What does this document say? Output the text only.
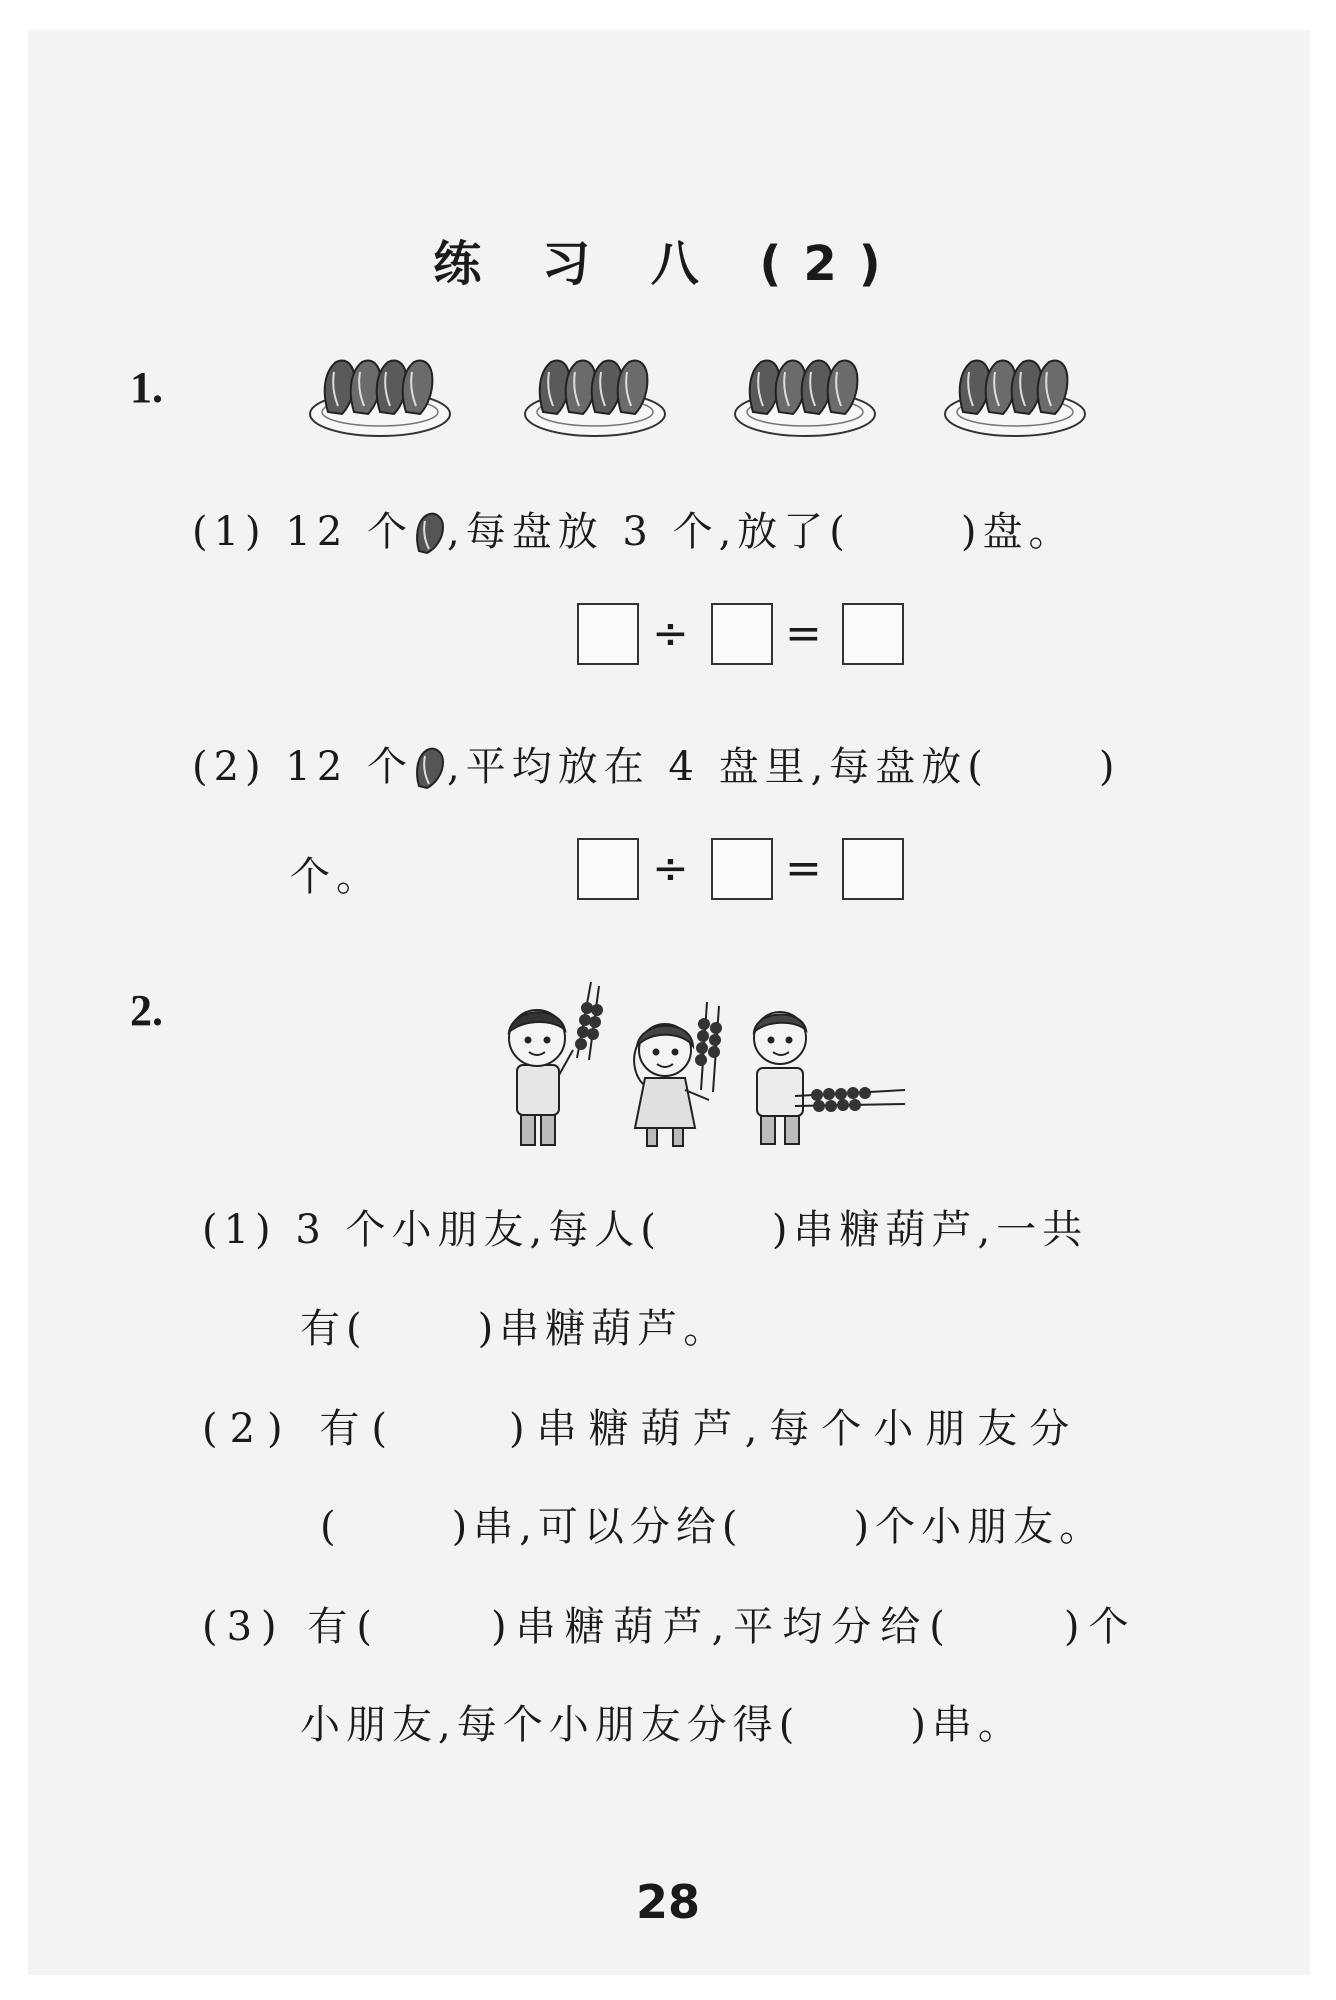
练 习 八 (2)
1.
(1) 12 个 ,每盘放 3 个,放了(	)盘。
÷ =
(2) 12 个 ,平均放在 4 盘里,每盘放(	)
个。	÷ =
2.
(1) 3 个小朋友,每人(	)串糖葫芦,一共
有(	)串糖葫芦。
(2) 有(	)串糖葫芦,每个小朋友分
(	)串,可以分给(	)个小朋友。
(3) 有(	)串糖葫芦,平均分给(	)个
小朋友,每个小朋友分得(	)串。
28
